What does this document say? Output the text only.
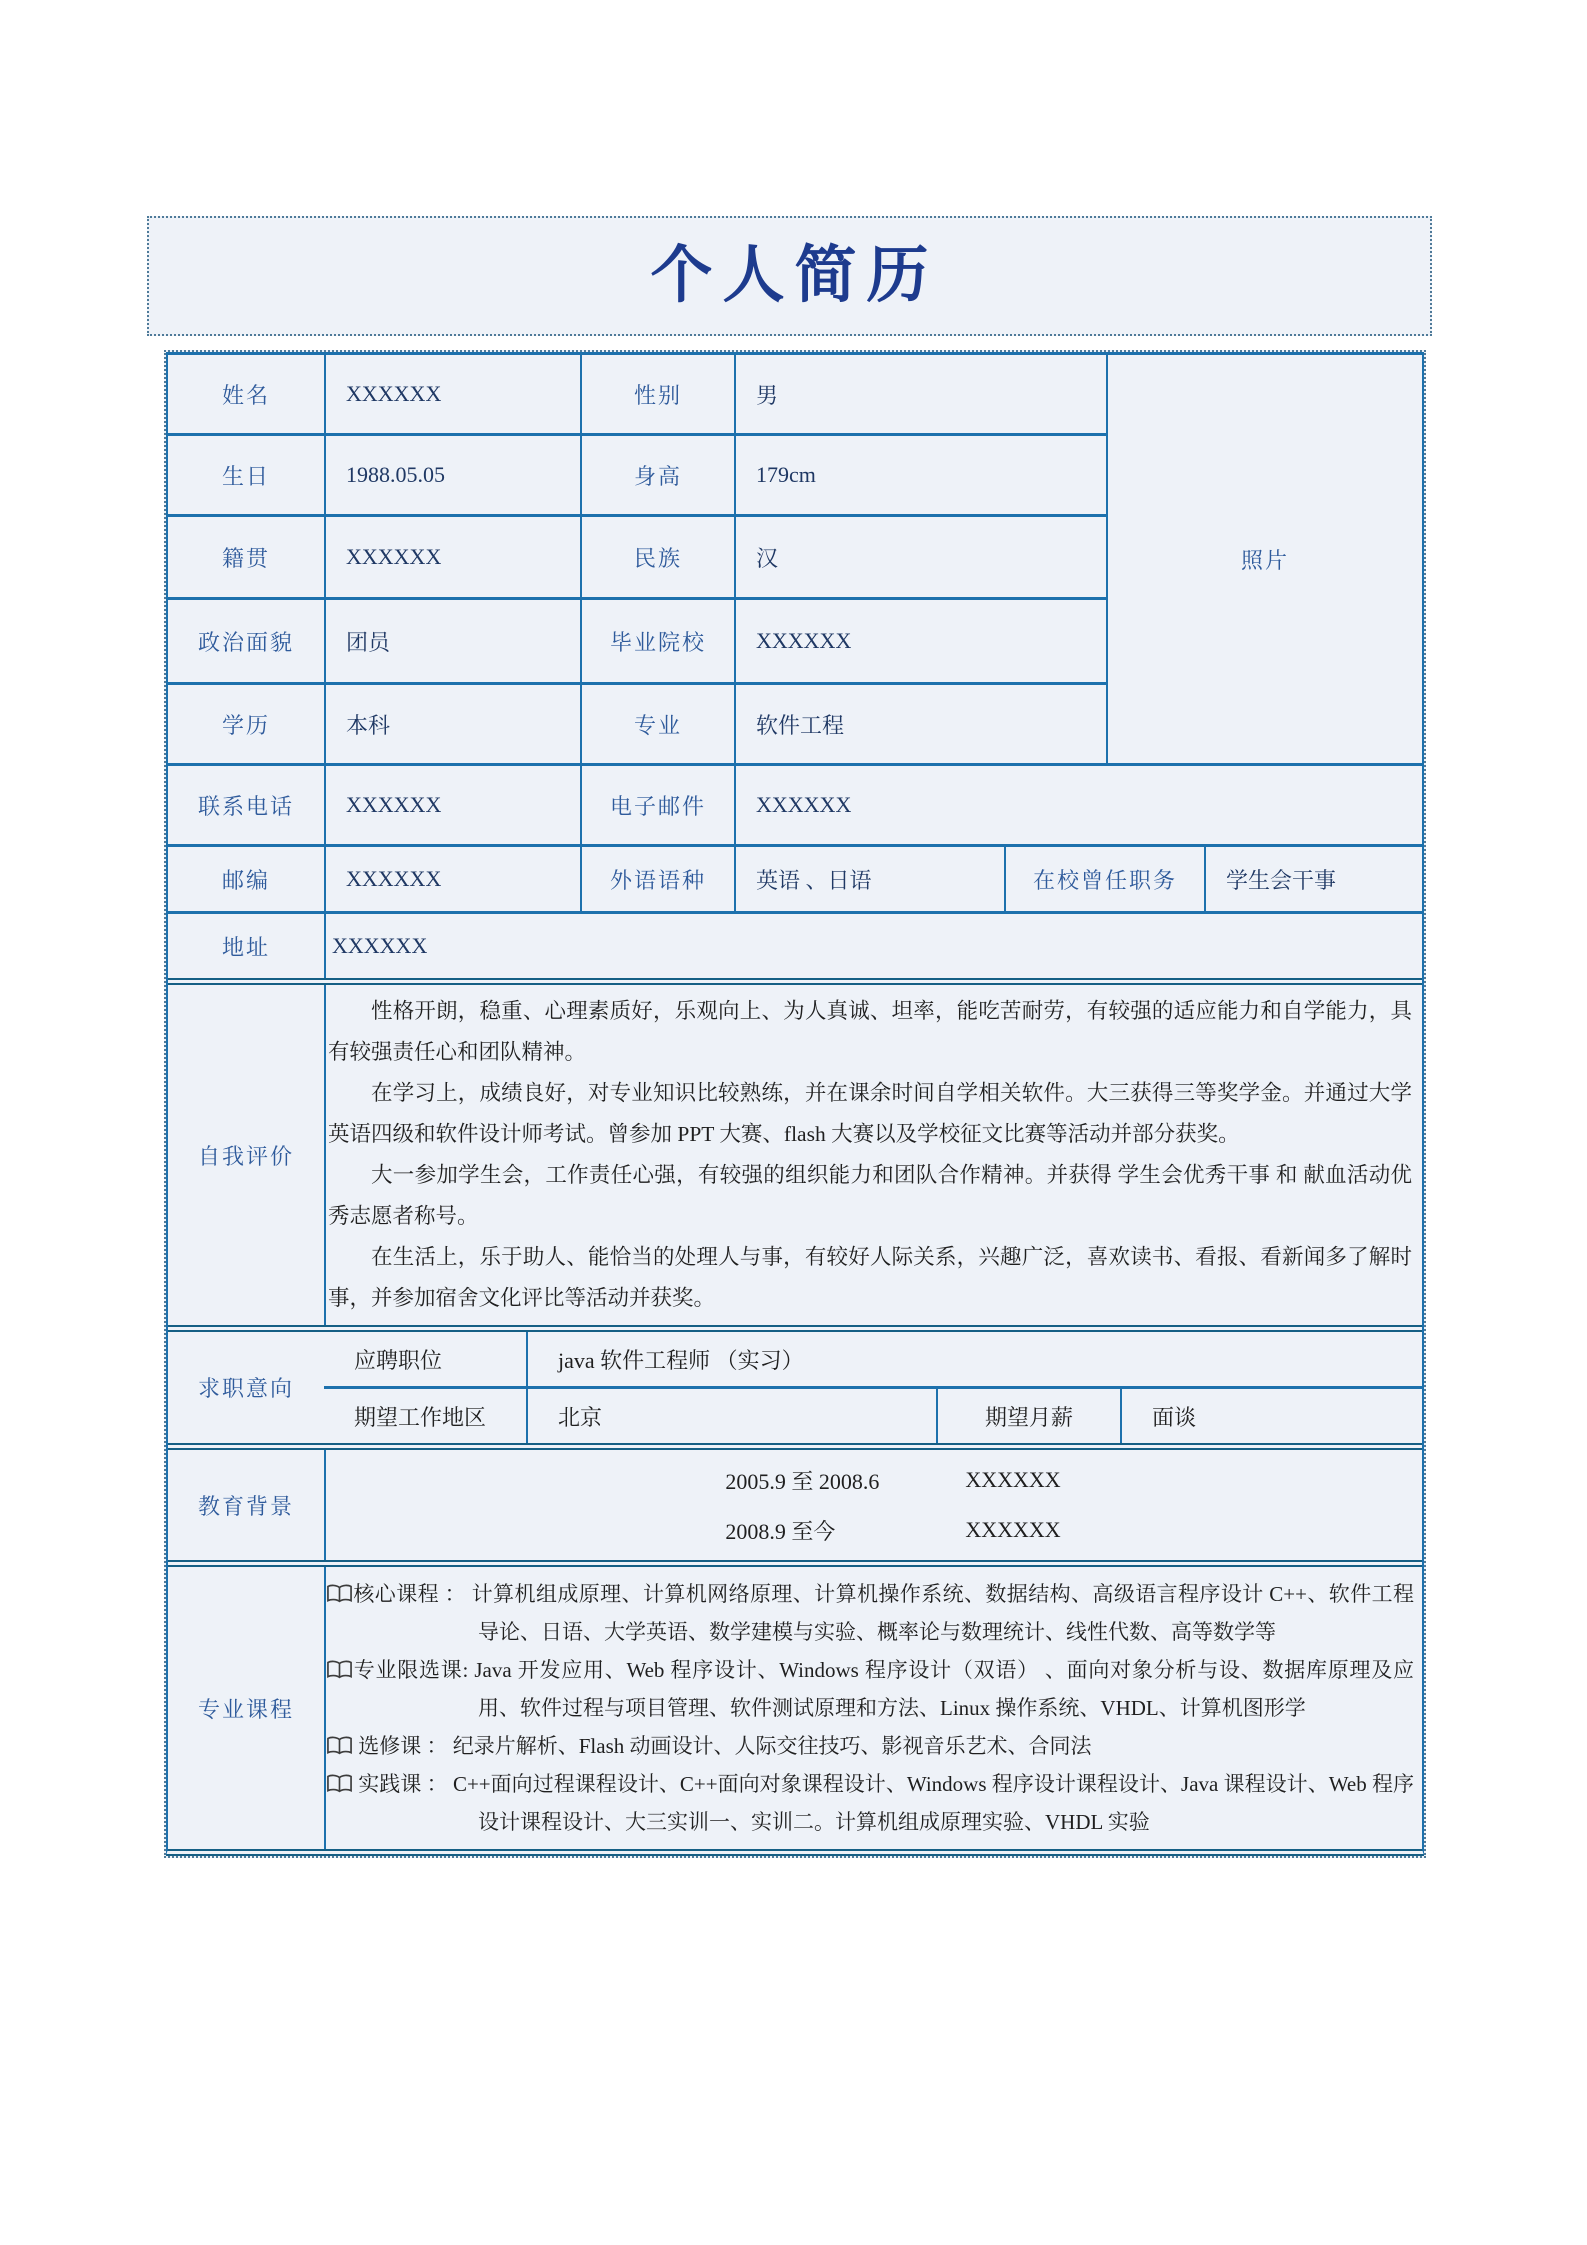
个人简历
照片
姓名	XXXXXX	性别	男
生日	1988.05.05	身高	179cm
籍贯	XXXXXX	民族	汉
政治面貌	团员	毕业院校	XXXXXX
学历	本科	专业	软件工程
联系电话	XXXXXX	电子邮件	XXXXXX
邮编	XXXXXX	外语语种	英语 、日语	在校曾任职务	学生会干事
地址	XXXXXX
自我评价

性格开朗，稳重、心理素质好，乐观向上、为人真诚、坦率，能吃苦耐劳，有较强的适应能力和自学能力，具有较强责任心和团队精神。

在学习上，成绩良好，对专业知识比较熟练，并在课余时间自学相关软件。大三获得三等奖学金。并通过大学英语四级和软件设计师考试。曾参加 PPT 大赛、flash 大赛以及学校征文比赛等活动并部分获奖。

大一参加学生会，工作责任心强，有较强的组织能力和团队合作精神。并获得 学生会优秀干事 和 献血活动优秀志愿者称号。

在生活上，乐于助人、能恰当的处理人与事，有较好人际关系，兴趣广泛，喜欢读书、看报、看新闻多了解时事，并参加宿舍文化评比等活动并获奖。

求职意向
应聘职位	java 软件工程师 （实习）
期望工作地区	北京	期望月薪	面谈
教育背景
2005.9 至 2008.6	XXXXXX
2008.9 至今	XXXXXX
专业课程

核心课程 ： 计算机组成原理、计算机网络原理、计算机操作系统、数据结构、高级语言程序设计 C++、软件工程导论、日语、大学英语、数学建模与实验、概率论与数理统计、线性代数、高等数学等

专业限选课: Java 开发应用、Web 程序设计、Windows 程序设计（双语） 、面向对象分析与设、数据库原理及应用、软件过程与项目管理、软件测试原理和方法、Linux 操作系统、VHDL、计算机图形学

选修课 ： 纪录片解析、Flash 动画设计、人际交往技巧、影视音乐艺术、合同法

实践课 ： C++面向过程课程设计、C++面向对象课程设计、Windows 程序设计课程设计、Java 课程设计、Web 程序设计课程设计、大三实训一、实训二。计算机组成原理实验、VHDL 实验
